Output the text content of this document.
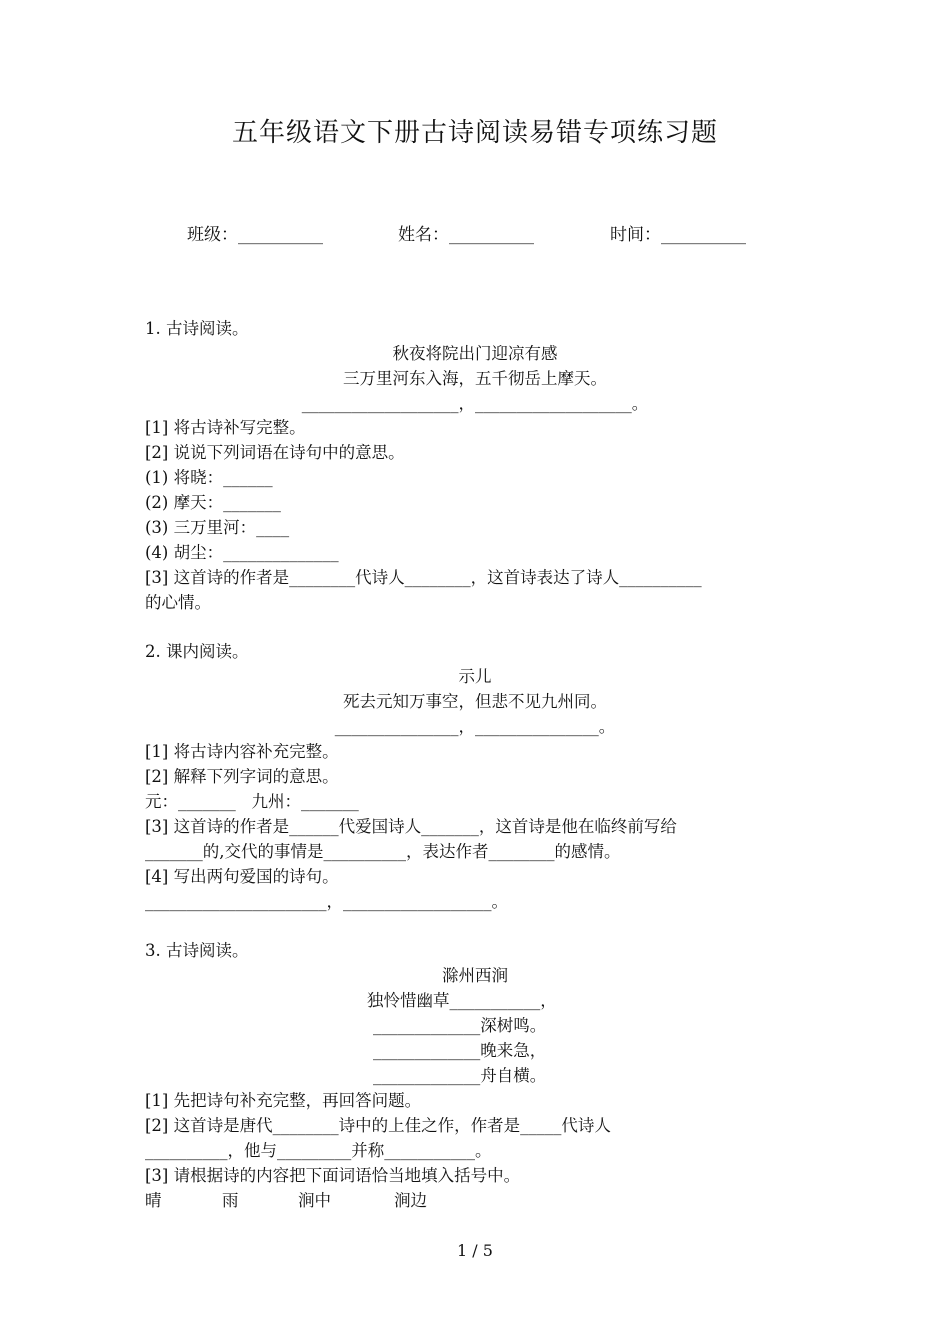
五年级语文下册古诗阅读易错专项练习题
班级：__________	姓名：__________	时间：__________
1. 古诗阅读。
秋夜将院出门迎凉有感
三万里河东入海，五千彻岳上摩天。
___________________，___________________。
[1] 将古诗补写完整。
[2] 说说下列词语在诗句中的意思。
(1) 将晓：______
(2) 摩天：_______
(3) 三万里河：____
(4) 胡尘：______________
[3] 这首诗的作者是________代诗人________，这首诗表达了诗人__________
的心情。
2. 课内阅读。
示儿
死去元知万事空，但悲不见九州同。
_______________，_______________。
[1] 将古诗内容补充完整。
[2] 解释下列字词的意思。
元：_______   九州：_______
[3] 这首诗的作者是______代爱国诗人_______，这首诗是他在临终前写给
_______的,交代的事情是__________，表达作者________的感情。
[4] 写出两句爱国的诗句。
______________________，__________________。
3. 古诗阅读。
滁州西涧
独怜惜幽草___________，
_____________深树鸣。
_____________晚来急，
_____________舟自横。
[1] 先把诗句补充完整，再回答问题。
[2] 这首诗是唐代________诗中的上佳之作，作者是_____代诗人
__________，他与_________并称___________。
[3] 请根据诗的内容把下面词语恰当地填入括号中。
晴	雨	涧中	涧边
1 / 5
